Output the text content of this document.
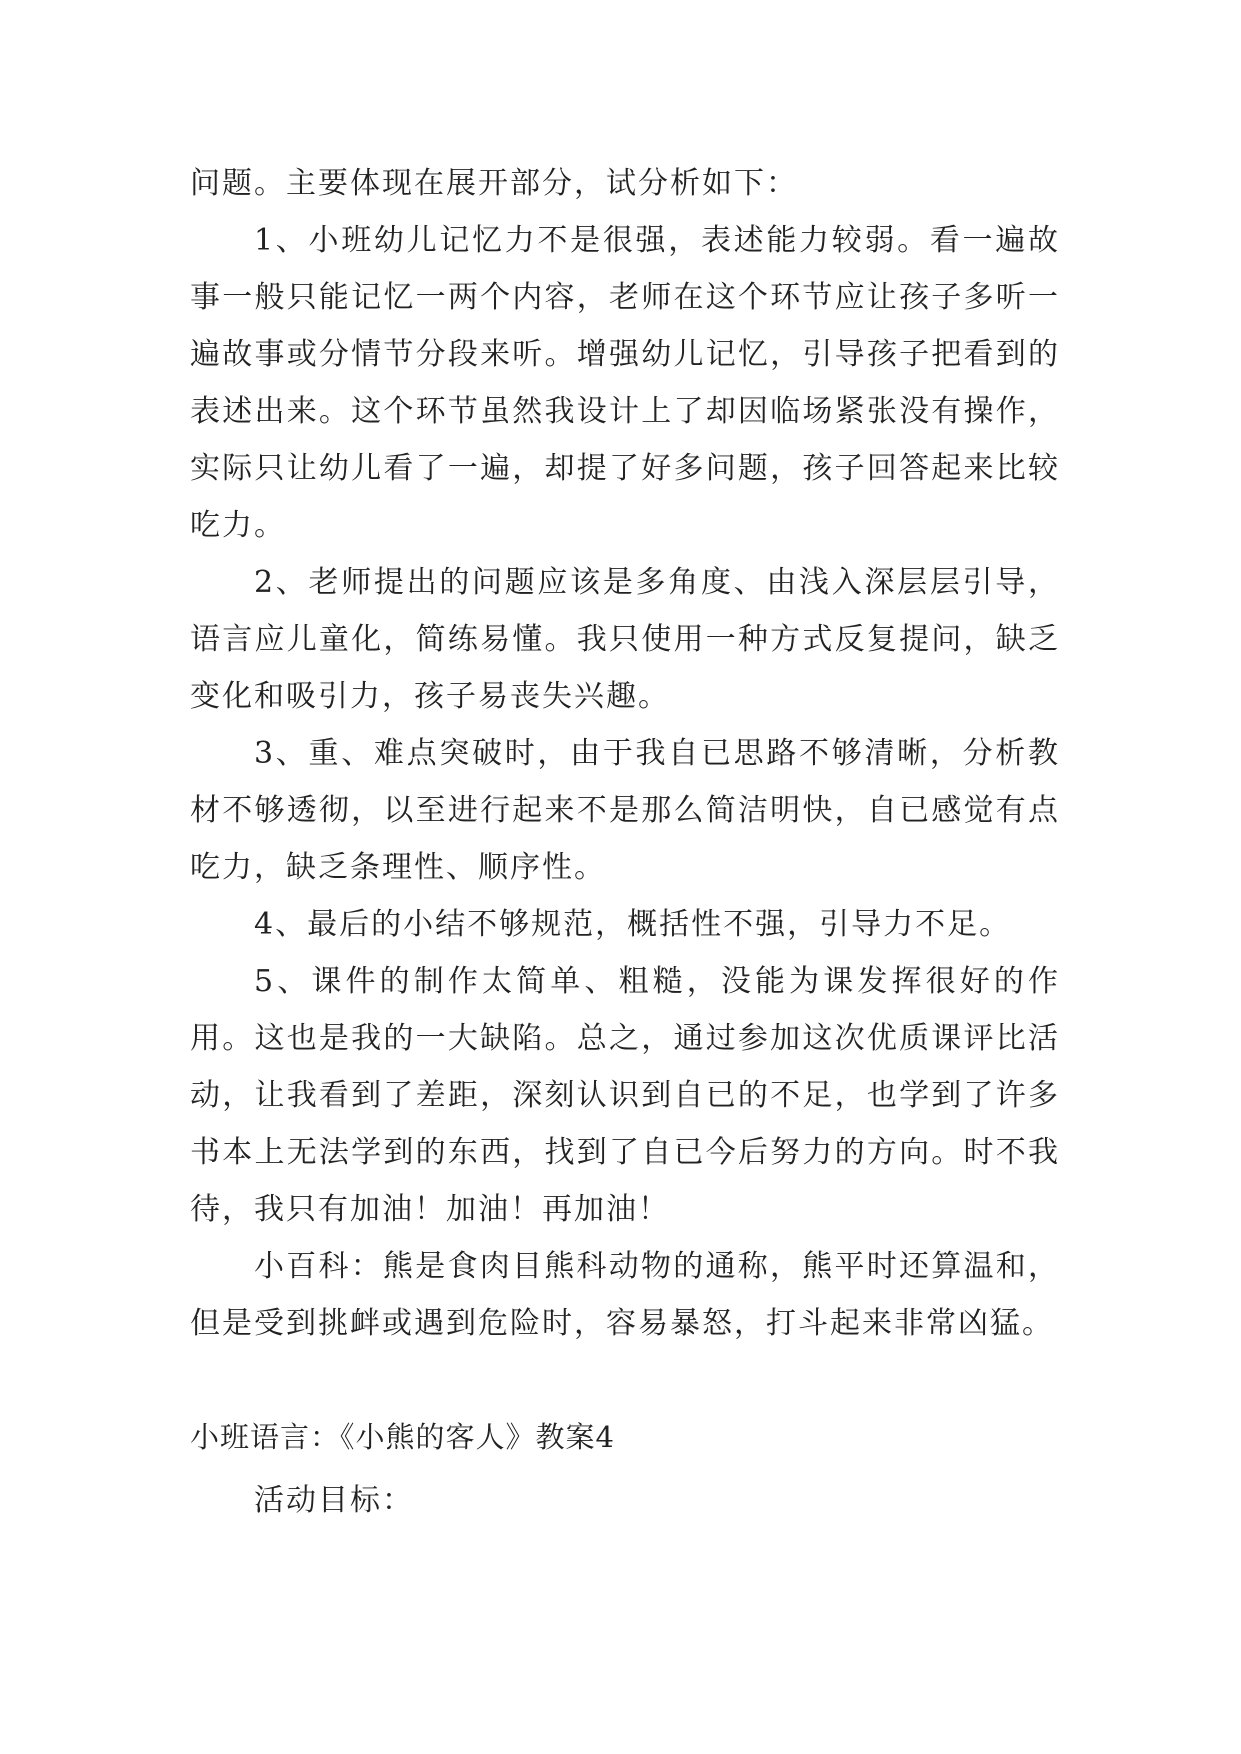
问题。主要体现在展开部分，试分析如下：

1、小班幼儿记忆力不是很强，表述能力较弱。看一遍故事一般只能记忆一两个内容，老师在这个环节应让孩子多听一遍故事或分情节分段来听。增强幼儿记忆，引导孩子把看到的表述出来。这个环节虽然我设计上了却因临场紧张没有操作，实际只让幼儿看了一遍，却提了好多问题，孩子回答起来比较吃力。

2、老师提出的问题应该是多角度、由浅入深层层引导，语言应儿童化，简练易懂。我只使用一种方式反复提问，缺乏变化和吸引力，孩子易丧失兴趣。

3、重、难点突破时，由于我自已思路不够清晰，分析教材不够透彻，以至进行起来不是那么简洁明快，自已感觉有点吃力，缺乏条理性、顺序性。

4、最后的小结不够规范，概括性不强，引导力不足。

5、课件的制作太简单、粗糙，没能为课发挥很好的作用。这也是我的一大缺陷。总之，通过参加这次优质课评比活动，让我看到了差距，深刻认识到自已的不足，也学到了许多书本上无法学到的东西，找到了自已今后努力的方向。时不我待，我只有加油！加油！再加油！

小百科：熊是食肉目熊科动物的通称，熊平时还算温和，但是受到挑衅或遇到危险时，容易暴怒，打斗起来非常凶猛。

小班语言：《小熊的客人》教案4

活动目标：
